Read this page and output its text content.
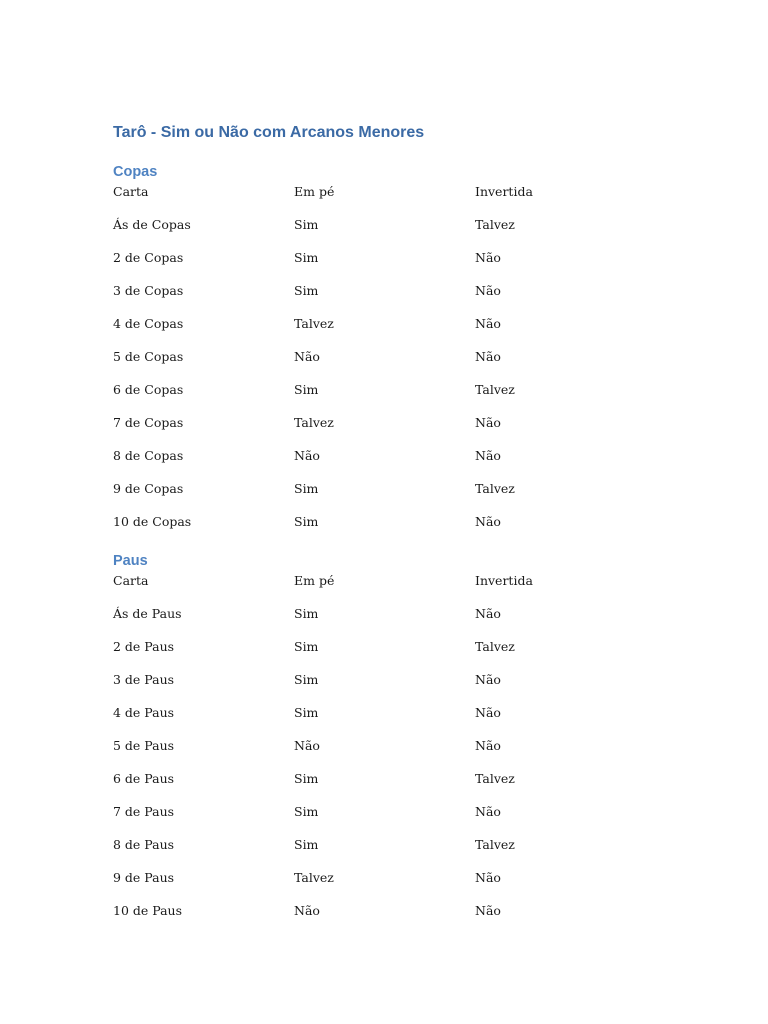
Tarô - Sim ou Não com Arcanos Menores
Copas
Carta	Em pé	Invertida
Ás de Copas	Sim	Talvez
2 de Copas	Sim	Não
3 de Copas	Sim	Não
4 de Copas	Talvez	Não
5 de Copas	Não	Não
6 de Copas	Sim	Talvez
7 de Copas	Talvez	Não
8 de Copas	Não	Não
9 de Copas	Sim	Talvez
10 de Copas	Sim	Não
Paus
Carta	Em pé	Invertida
Ás de Paus	Sim	Não
2 de Paus	Sim	Talvez
3 de Paus	Sim	Não
4 de Paus	Sim	Não
5 de Paus	Não	Não
6 de Paus	Sim	Talvez
7 de Paus	Sim	Não
8 de Paus	Sim	Talvez
9 de Paus	Talvez	Não
10 de Paus	Não	Não
